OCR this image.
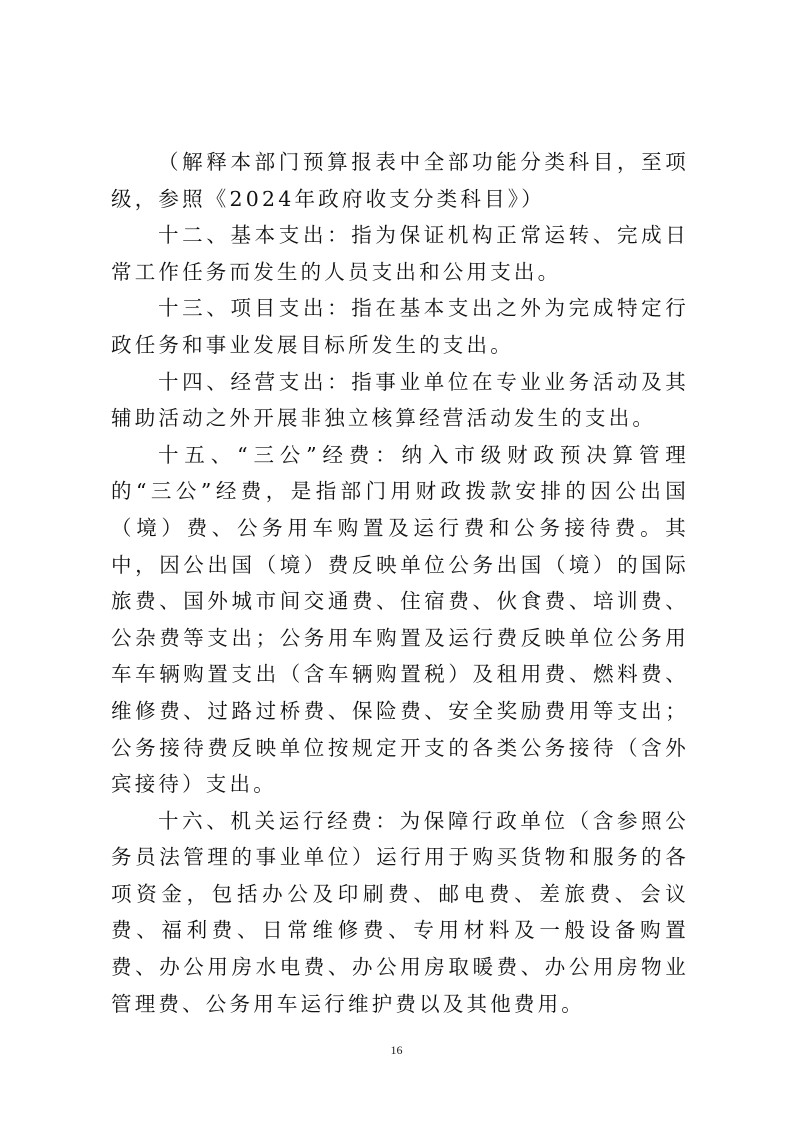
（解释本部门预算报表中全部功能分类科目，至项级，参照《2024年政府收支分类科目》）

十二、基本支出：指为保证机构正常运转、完成日常工作任务而发生的人员支出和公用支出。

十三、项目支出：指在基本支出之外为完成特定行政任务和事业发展目标所发生的支出。

十四、经营支出：指事业单位在专业业务活动及其辅助活动之外开展非独立核算经营活动发生的支出。

十五、“三公”经费：纳入市级财政预决算管理的“三公”经费，是指部门用财政拨款安排的因公出国（境）费、公务用车购置及运行费和公务接待费。其中，因公出国（境）费反映单位公务出国（境）的国际旅费、国外城市间交通费、住宿费、伙食费、培训费、公杂费等支出；公务用车购置及运行费反映单位公务用车车辆购置支出（含车辆购置税）及租用费、燃料费、维修费、过路过桥费、保险费、安全奖励费用等支出；公务接待费反映单位按规定开支的各类公务接待（含外宾接待）支出。

十六、机关运行经费：为保障行政单位（含参照公务员法管理的事业单位）运行用于购买货物和服务的各项资金，包括办公及印刷费、邮电费、差旅费、会议费、福利费、日常维修费、专用材料及一般设备购置费、办公用房水电费、办公用房取暖费、办公用房物业管理费、公务用车运行维护费以及其他费用。

16
